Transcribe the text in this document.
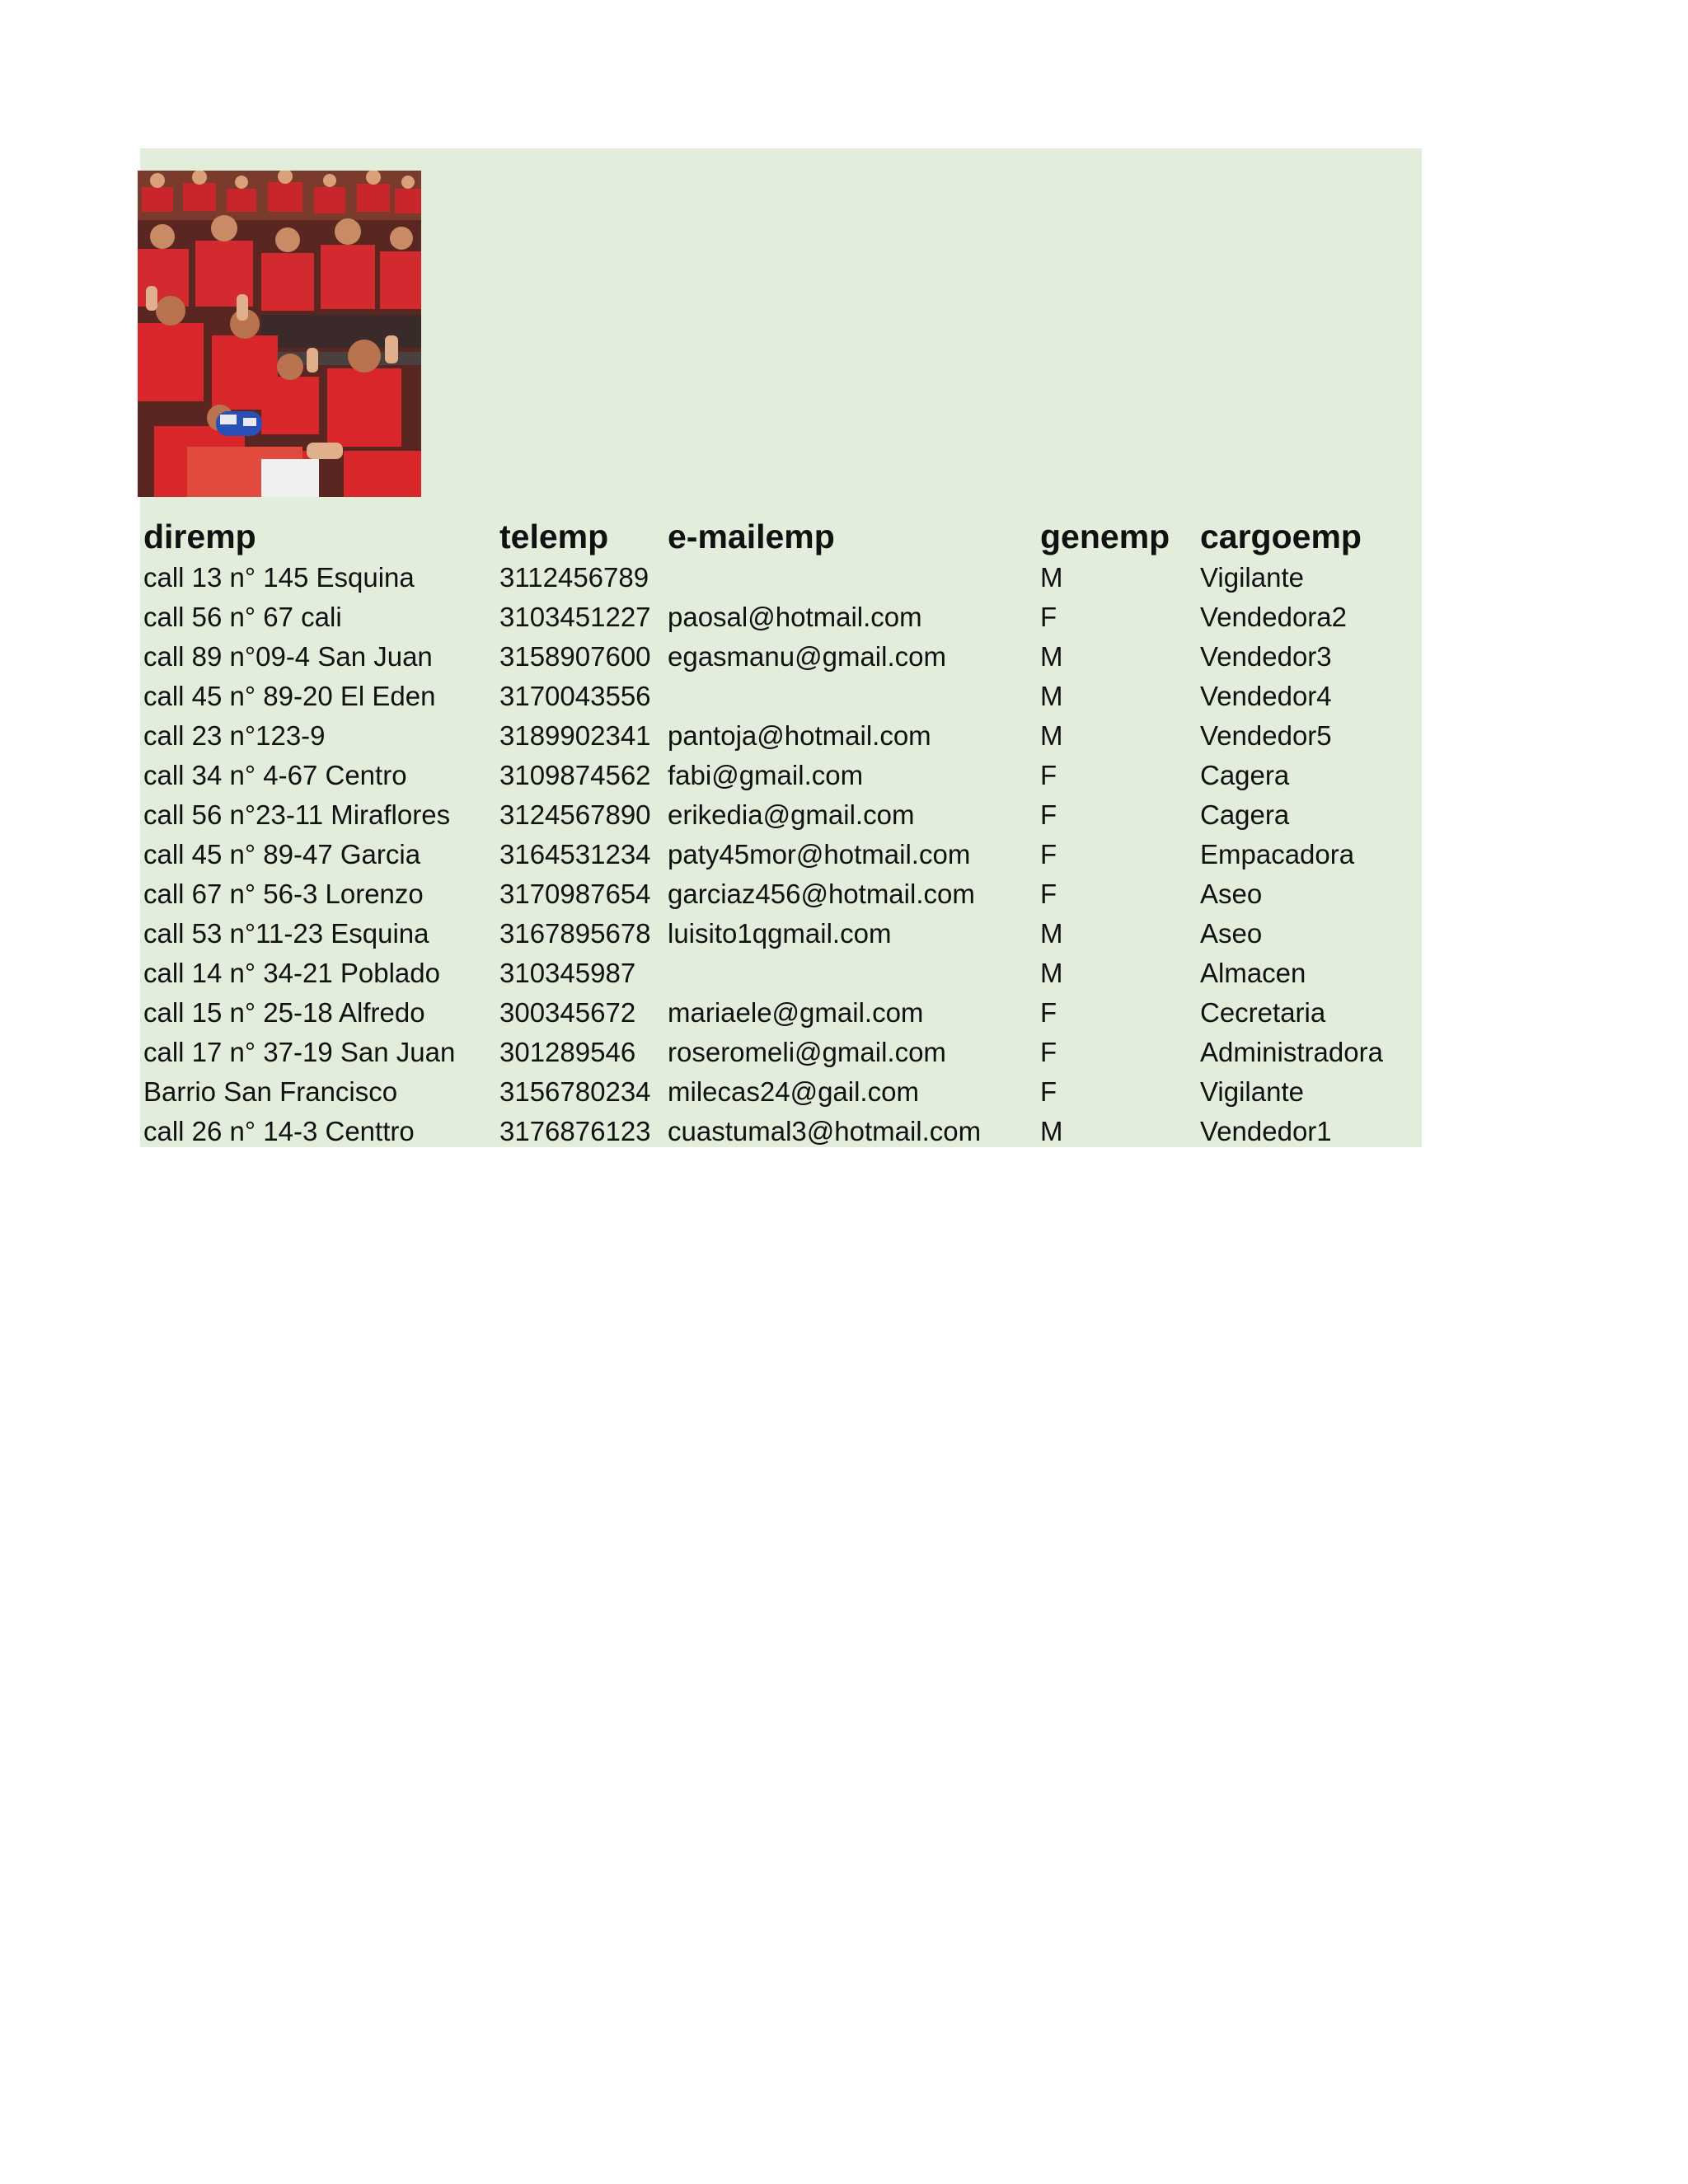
diremp	telemp	e-mailemp	genemp	cargoemp
call 13 n° 145 Esquina	3112456789		M	Vigilante
call 56 n° 67 cali	3103451227	paosal@hotmail.com	F	Vendedora2
call 89 n°09-4 San Juan	3158907600	egasmanu@gmail.com	M	Vendedor3
call 45 n° 89-20 El Eden	3170043556		M	Vendedor4
call 23 n°123-9	3189902341	pantoja@hotmail.com	M	Vendedor5
call 34 n° 4-67 Centro	3109874562	fabi@gmail.com	F	Cagera
call 56 n°23-11 Miraflores	3124567890	erikedia@gmail.com	F	Cagera
call 45 n° 89-47 Garcia	3164531234	paty45mor@hotmail.com	F	Empacadora
call 67 n° 56-3 Lorenzo	3170987654	garciaz456@hotmail.com	F	Aseo
call 53 n°11-23 Esquina	3167895678	luisito1qgmail.com	M	Aseo
call 14 n° 34-21 Poblado	310345987		M	Almacen
call 15 n° 25-18 Alfredo	300345672	mariaele@gmail.com	F	Cecretaria
call 17 n° 37-19 San Juan	301289546	roseromeli@gmail.com	F	Administradora
Barrio San Francisco	3156780234	milecas24@gail.com	F	Vigilante
call 26 n° 14-3 Centtro	3176876123	cuastumal3@hotmail.com	M	Vendedor1
